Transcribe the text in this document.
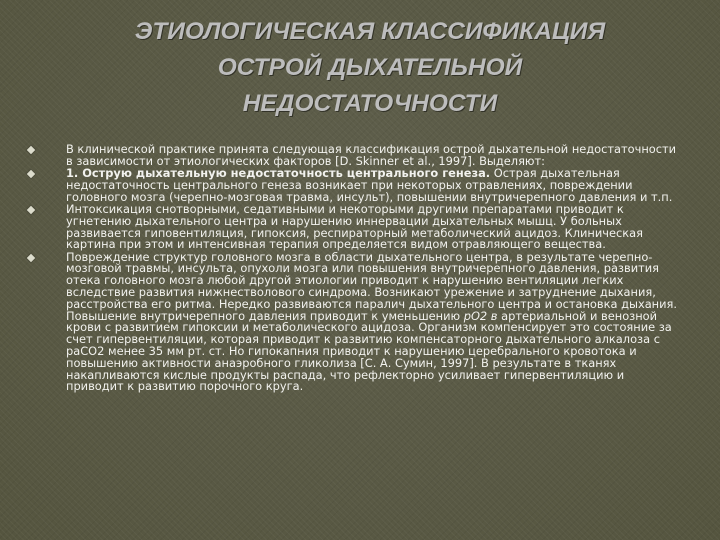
ЭТИОЛОГИЧЕСКАЯ КЛАССИФИКАЦИЯ
ОСТРОЙ ДЫХАТЕЛЬНОЙ
НЕДОСТАТОЧНОСТИ
В клинической практике принята следующая классификация острой дыхательной недостаточности в зависимости от этиологических факторов [D. Skinner et al., 1997]. Выделяют:
1. Острую дыхательную недостаточность центрального генеза. Острая дыхательная недостаточность центрального генеза возникает при некоторых отравлениях, повреждении головного мозга (черепно-мозговая травма, инсульт), повышении внутричерепного давления и т.п.
Интоксикация снотворными, седативными и некоторыми другими препаратами приводит к угнетению дыхательного центра и нарушению иннервации дыхательных мышц. У больных развивается гиповентиляция, гипоксия, респираторный метаболический ацидоз. Клиническая картина при этом и интенсивная терапия определяется видом отравляющего вещества.
Повреждение структур головного мозга в области дыхательного центра, в результате черепно-мозговой травмы, инсульта, опухоли мозга или повышения внутричерепного давления, развития отека головного мозга любой другой этиологии приводит к нарушению вентиляции легких вследствие развития нижнестволового синдрома. Возникают урежение и затруднение дыхания, расстройства его ритма. Нередко развиваются паралич дыхательного центра и остановка дыхания. Повышение внутричерепного давления приводит к уменьшению рО2 в артериальной и венозной крови с развитием гипоксии и метаболического ацидоза. Организм компенсирует это состояние за счет гипервентиляции, которая приводит к развитию компенсаторного дыхательного алкалоза с раСО2 менее 35 мм рт. ст. Но гипокапния приводит к нарушению церебрального кровотока и повышению активности анаэробного гликолиза [С. А. Сумин, 1997]. В результате в тканях накапливаются кислые продукты распада, что рефлекторно усиливает гипервентиляцию и приводит к развитию порочного круга.
